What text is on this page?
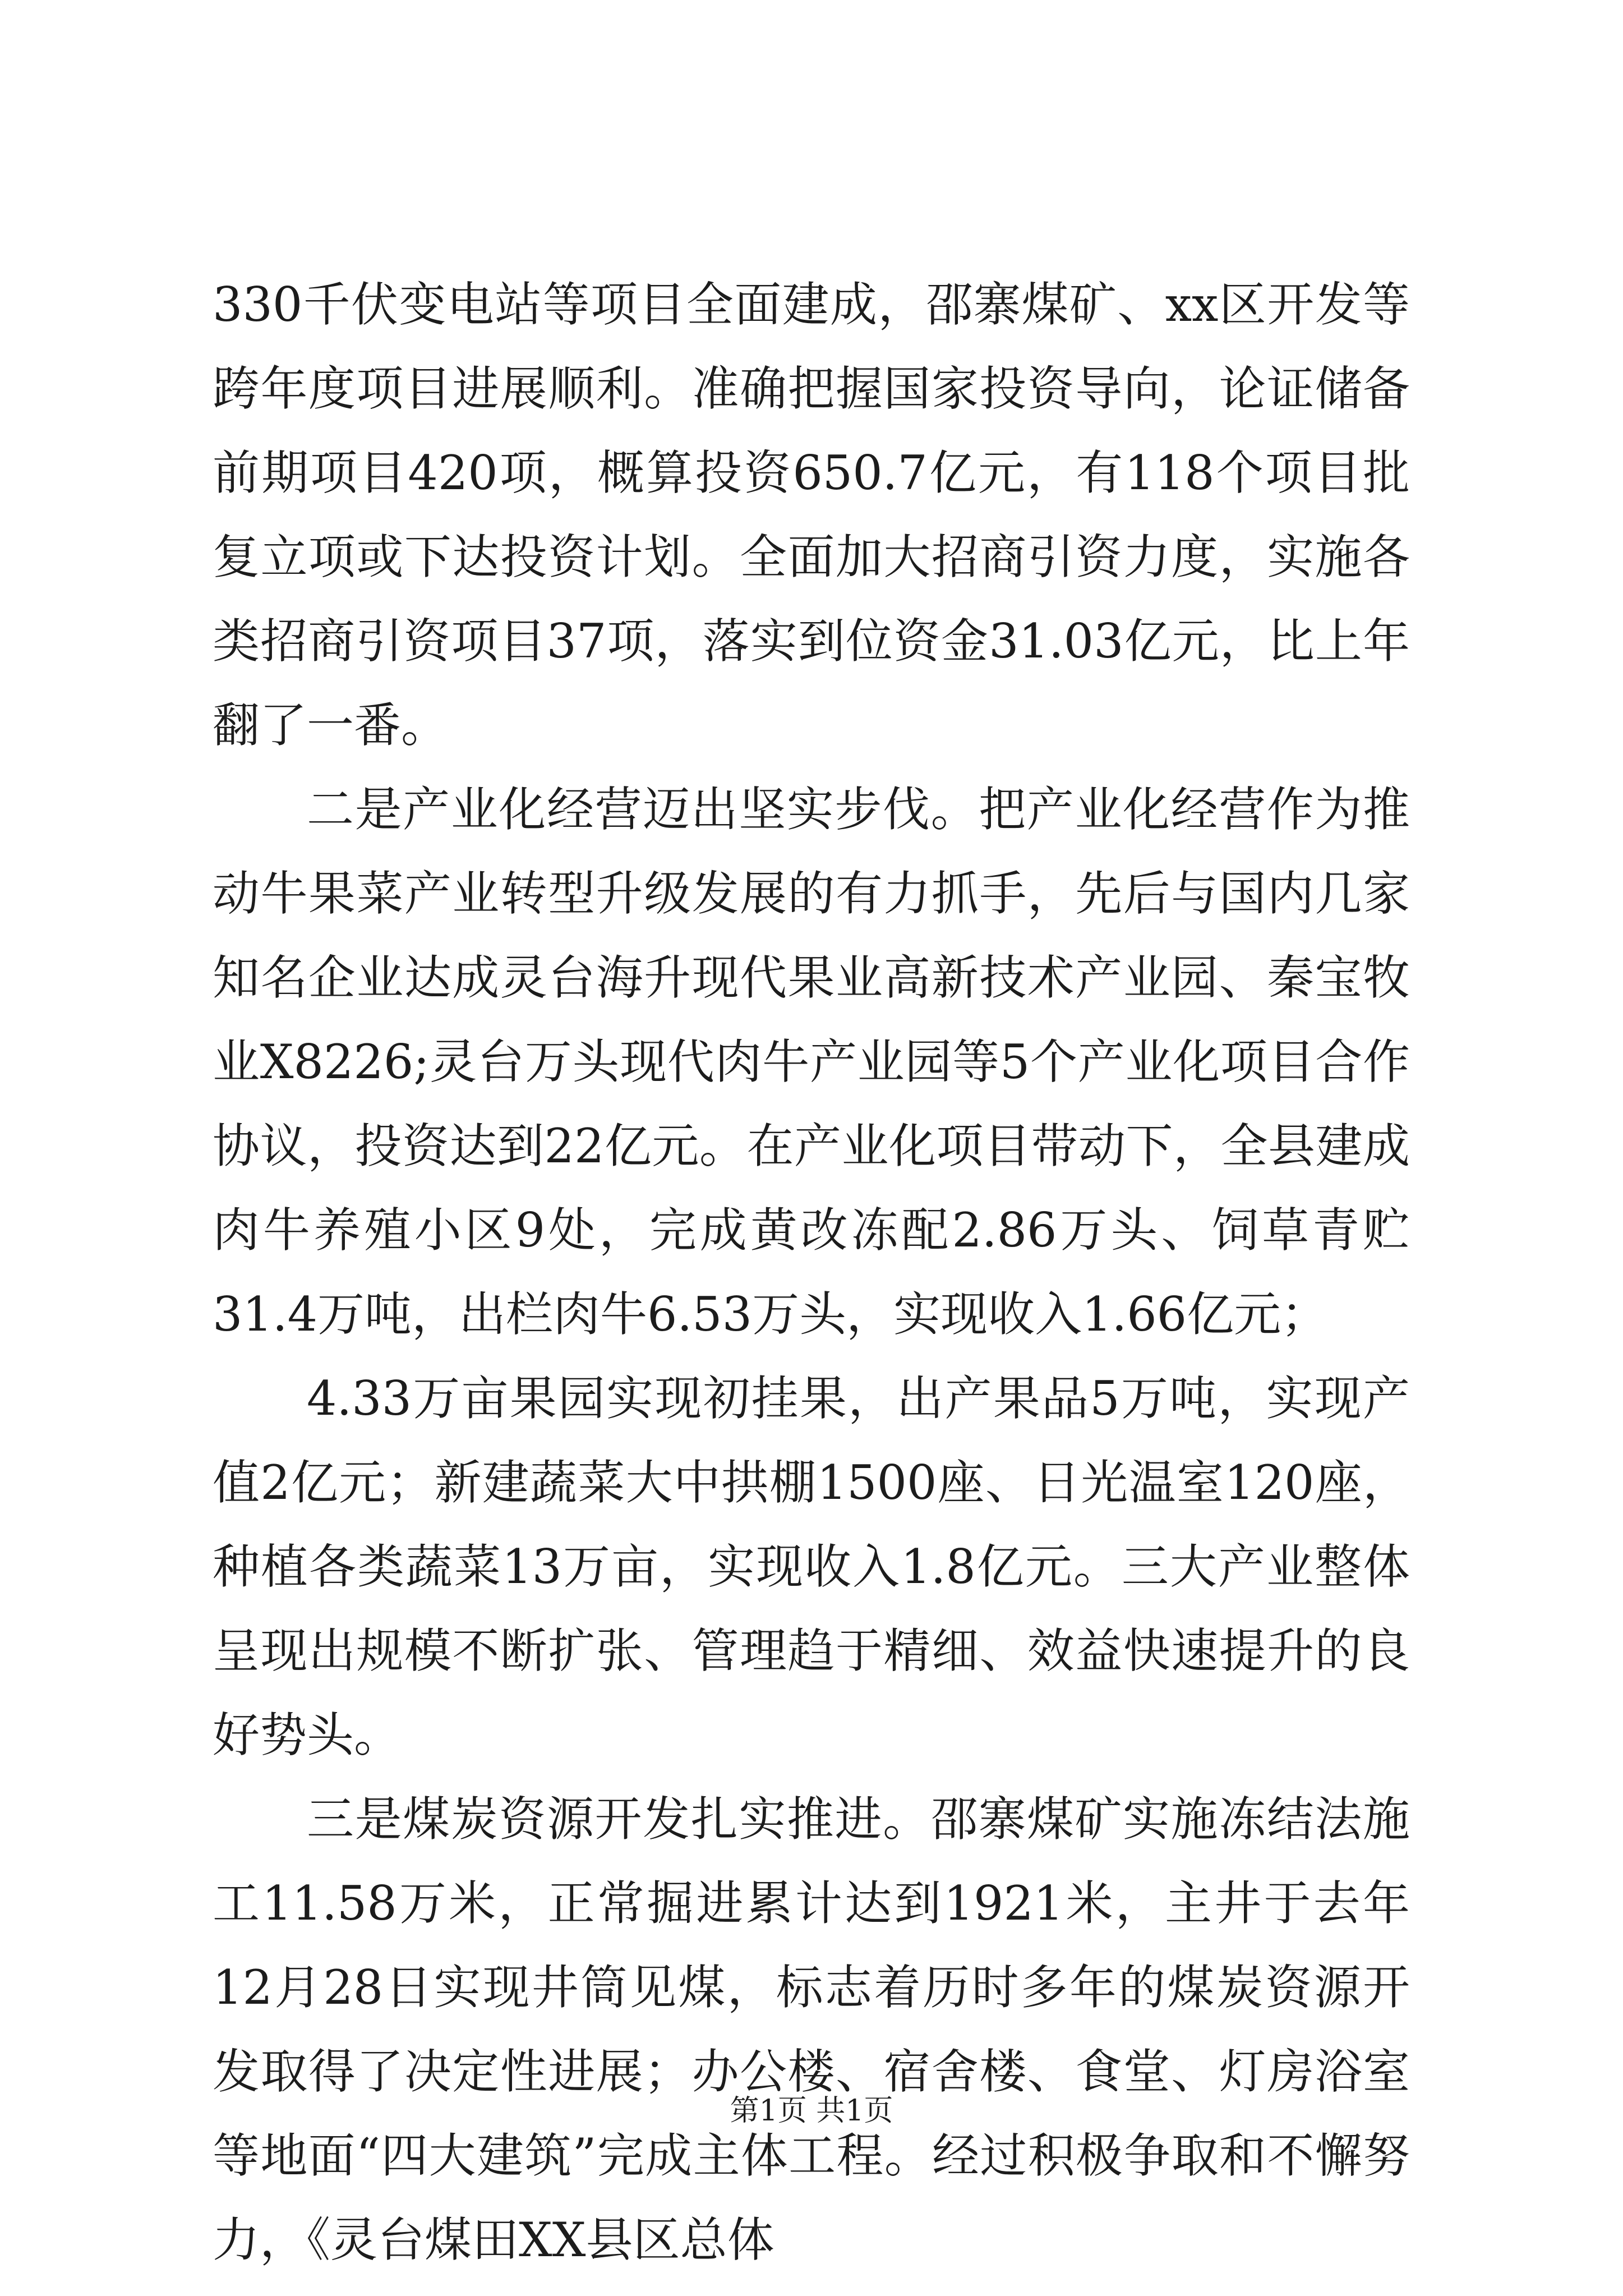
330千伏变电站等项目全面建成，邵寨煤矿、xx区开发等跨年度项目进展顺利。准确把握国家投资导向，论证储备前期项目420项，概算投资650.7亿元，有118个项目批复立项或下达投资计划。全面加大招商引资力度，实施各类招商引资项目37项，落实到位资金31.03亿元，比上年翻了一番。

二是产业化经营迈出坚实步伐。把产业化经营作为推动牛果菜产业转型升级发展的有力抓手，先后与国内几家知名企业达成灵台海升现代果业高新技术产业园、秦宝牧业X8226;灵台万头现代肉牛产业园等5个产业化项目合作协议，投资达到22亿元。在产业化项目带动下，全县建成肉牛养殖小区9处，完成黄改冻配2.86万头、饲草青贮31.4万吨，出栏肉牛6.53万头，实现收入1.66亿元；

4.33万亩果园实现初挂果，出产果品5万吨，实现产值2亿元；新建蔬菜大中拱棚1500座、日光温室120座，种植各类蔬菜13万亩，实现收入1.8亿元。三大产业整体呈现出规模不断扩张、管理趋于精细、效益快速提升的良好势头。

三是煤炭资源开发扎实推进。邵寨煤矿实施冻结法施工11.58万米，正常掘进累计达到1921米，主井于去年12月28日实现井筒见煤，标志着历时多年的煤炭资源开发取得了决定性进展；办公楼、宿舍楼、食堂、灯房浴室等地面“四大建筑”完成主体工程。经过积极争取和不懈努力，《灵台煤田XX县区总体

第1页 共1页
